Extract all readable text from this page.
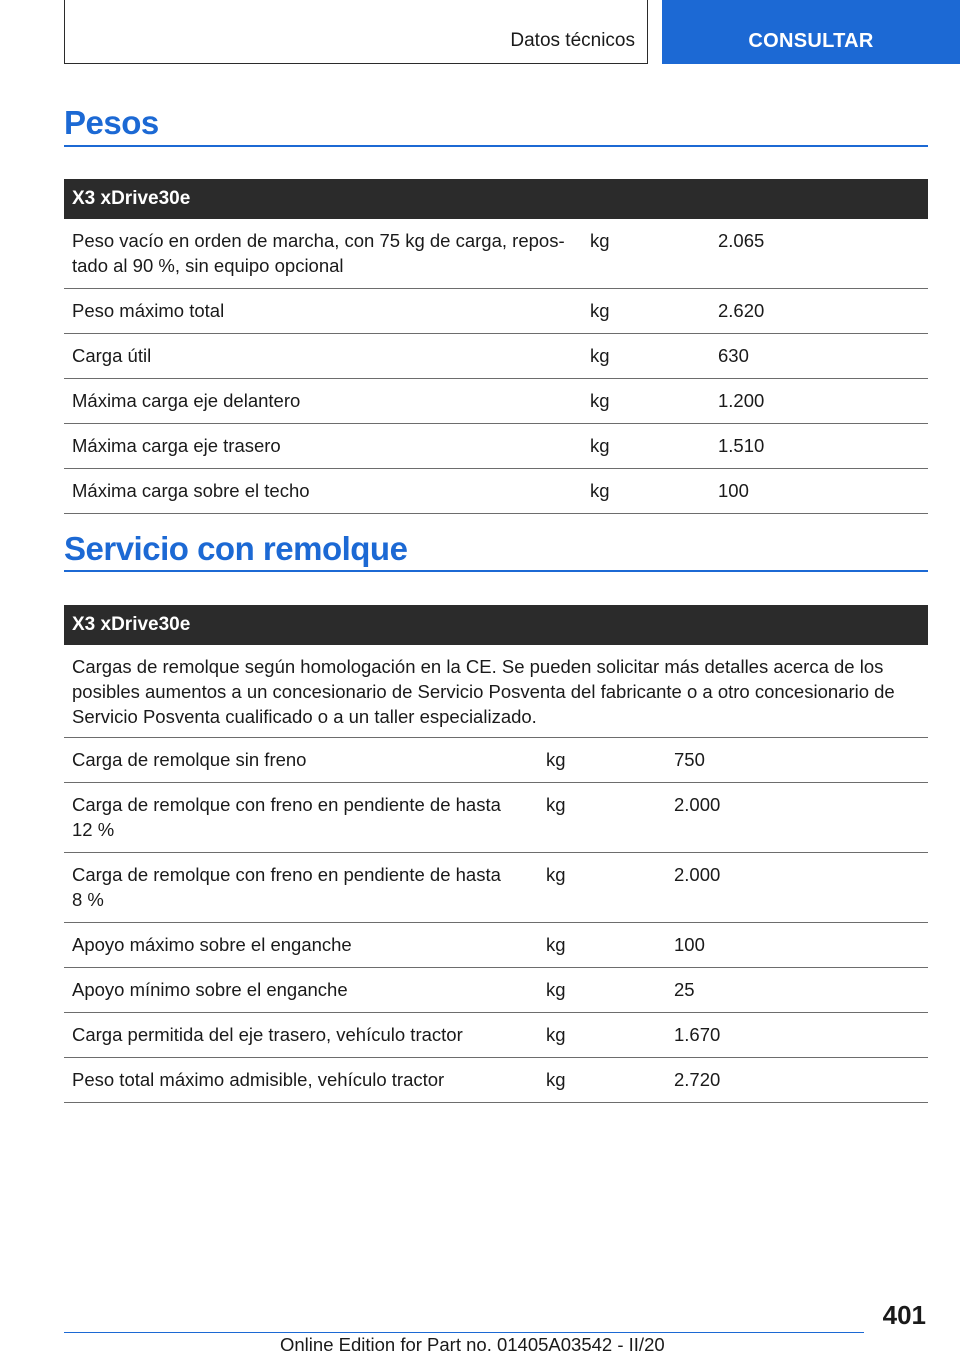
Datos técnicos	CONSULTAR
Pesos
X3 xDrive30e		
Peso vacío en orden de marcha, con 75 kg de carga, repos-
tado al 90 %, sin equipo opcional	kg	2.065
Peso máximo total	kg	2.620
Carga útil	kg	630
Máxima carga eje delantero	kg	1.200
Máxima carga eje trasero	kg	1.510
Máxima carga sobre el techo	kg	100
Servicio con remolque
X3 xDrive30e		
Cargas de remolque según homologación en la CE. Se pueden solicitar más detalles acerca de los posibles aumentos a un concesionario de Servicio Posventa del fabricante o a otro concesionario de Servicio Posventa cualificado o a un taller especializado.		
Carga de remolque sin freno	kg	750
Carga de remolque con freno en pendiente de hasta
12 %	kg	2.000
Carga de remolque con freno en pendiente de hasta
8 %	kg	2.000
Apoyo máximo sobre el enganche	kg	100
Apoyo mínimo sobre el enganche	kg	25
Carga permitida del eje trasero, vehículo tractor	kg	1.670
Peso total máximo admisible, vehículo tractor	kg	2.720
401
Online Edition for Part no. 01405A03542 - II/20
